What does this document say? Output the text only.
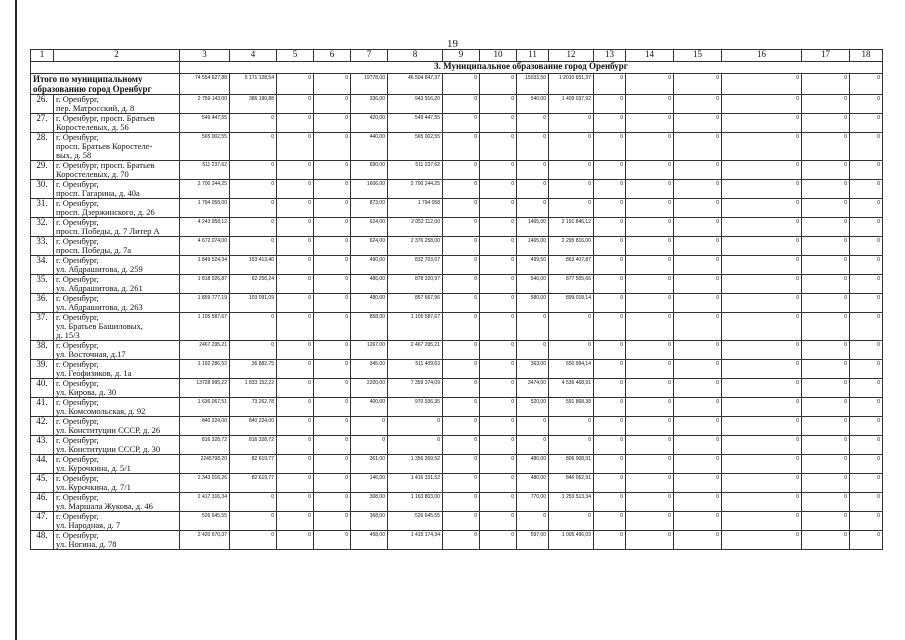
19
1	2	3	4	5	6	7	8	9	10	11	12	13	14	15	16	17	18
		3. Муниципальное образование город Оренбург															
Итого по муниципальному образованию город Оренбург		74 554 627,88	5 171 128,54	0	0	19778,00	46 504 847,37	0	0	15033,50	1 2010 651,37	0	0	0	0	0	0
26.	г. Оренбург,
пер. Матросский, д. 8	2 759 143,00	386 190,88	0	0	336,00	943 916,20	0	0	540,00	1 409 037,92	0	0	0	0	0	0
27.	г. Оренбург, просп. Братьев
Коростелевых, д. 56	549 447,55	0	0	0	420,00	549 447,55	0	0	0	0	0	0	0	0	0	0
28.	г. Оренбург,
просп. Братьев Коростеле-
вых, д. 58	565 002,55	0	0	0	440,00	565 002,55	0	0	0	0	0	0	0	0	0	0
29.	г. Оренбург, просп. Братьев
Коростелевых, д. 70	511 237,62	0	0	0	690,00	511 237,62	0	0	0	0	0	0	0	0	0	0
30.	г. Оренбург,
просп. Гагарина, д. 40а	2 700 244,25	0	0	0	1606,00	2 700 244,25	0	0	0	0	0	0	0	0	0	0
31.	г. Оренбург,
просп. Дзержинского, д. 26	1 794 058,00	0	0	0	873,00	1 794 058	0	0	0	0	0	0	0	0	0	0
32.	г. Оренбург,
просп. Победы, д. 7 Литер А	4 243 958,12	0	0	0	624,00	2 052 112,00	0	0	1465,00	2 191 846,12	0	0	0	0	0	0
33.	г. Оренбург,
просп. Победы, д. 7а	4 672 074,00	0	0	0	624,00	2 376 258,00	0	0	1465,00	2 295 816,00	0	0	0	0	0	0
34.	г. Оренбург,
ул. Абдрашитова, д. 259	1 849 524,34	153 413,40	0	0	490,00	832 703,07	0	0	499,50	863 407,87	0	0	0	0	0	0
35.	г. Оренбург,
ул. Абдрашитова, д. 261	1 818 026,87	62 250,24	0	0	486,00	878 320,97	0	0	546,00	877 505,66	0	0	0	0	0	0
36.	г. Оренбург,
ул. Абдрашитова, д. 263	1 859 777,19	103 091,09	0	0	480,00	857 667,96	0	0	580,00	899 018,14	0	0	0	0	0	0
37.	г. Оренбург,
ул. Братьев Башиловых,
д. 15/3	1 105 587,67	0	0	0	858,00	1 105 587,67	0	0	0	0	0	0	0	0	0	0
38.	г. Оренбург,
ул. Восточная, д.17	2467 295,21	0	0	0	1267,00	2 467 295,21	0	0	0	0	0	0	0	0	0	0
39.	г. Оренбург,
ул. Геофизиков, д. 1а	1 192 286,52	36 882,75	0	0	345,00	511 409,63	0	0	363,00	650 994,14	0	0	0	0	0	0
40.	г. Оренбург,
ул. Кирова, д. 30	13728 995,22	1 833 152,22	0	0	2200,00	7 359 374,09	0	0	3474,00	4 536 468,91	0	0	0	0	0	0
41.	г. Оренбург,
ул. Комсомольская, д. 92	1 636 067,51	73 262,78	0	0	400,00	970 936,35	0	0	520,00	591 868,38	0	0	0	0	0	0
42.	г. Оренбург,
ул. Конституции СССР, д. 26	840 224,00	840 224,00	0	0	0	0	0	0	0	0	0	0	0	0	0	0
43.	г. Оренбург,
ул. Конституции СССР, д. 30	816 328,72	816 328,72	0	0	0	0	0	0	0	0	0	0	0	0	0	0
44.	г. Оренбург,
ул. Курочкина, д. 5/1	2245798,20	82 619,77	0	0	361,00	1 356 269,52	0	0	480,00	806 908,91	0	0	0	0	0	0
45.	г. Оренбург,
ул. Курочкина, д. 7/1	2 343 016,26	82 619,77	0	0	146,00	1 416 331,52	0	0	480,00	846 062,91	0	0	0	0	0	0
46.	г. Оренбург,
ул. Маршала Жукова, д. 46	2 417 316,34	0	0	0	308,00	1 163 803,00	0	0	770,00	1 253 513,34	0	0	0	0	0	0
47.	г. Оренбург,
ул. Народная, д. 7	526 645,55	0	0	0	368,00	526 645,55	0	0	0	0	0	0	0	0	0	0
48.	г. Оренбург,
ул. Ногина, д. 78	2 420 670,37	0	0	0	458,00	1 415 174,34	0	0	597,00	1 005 496,03	0	0	0	0	0	0
